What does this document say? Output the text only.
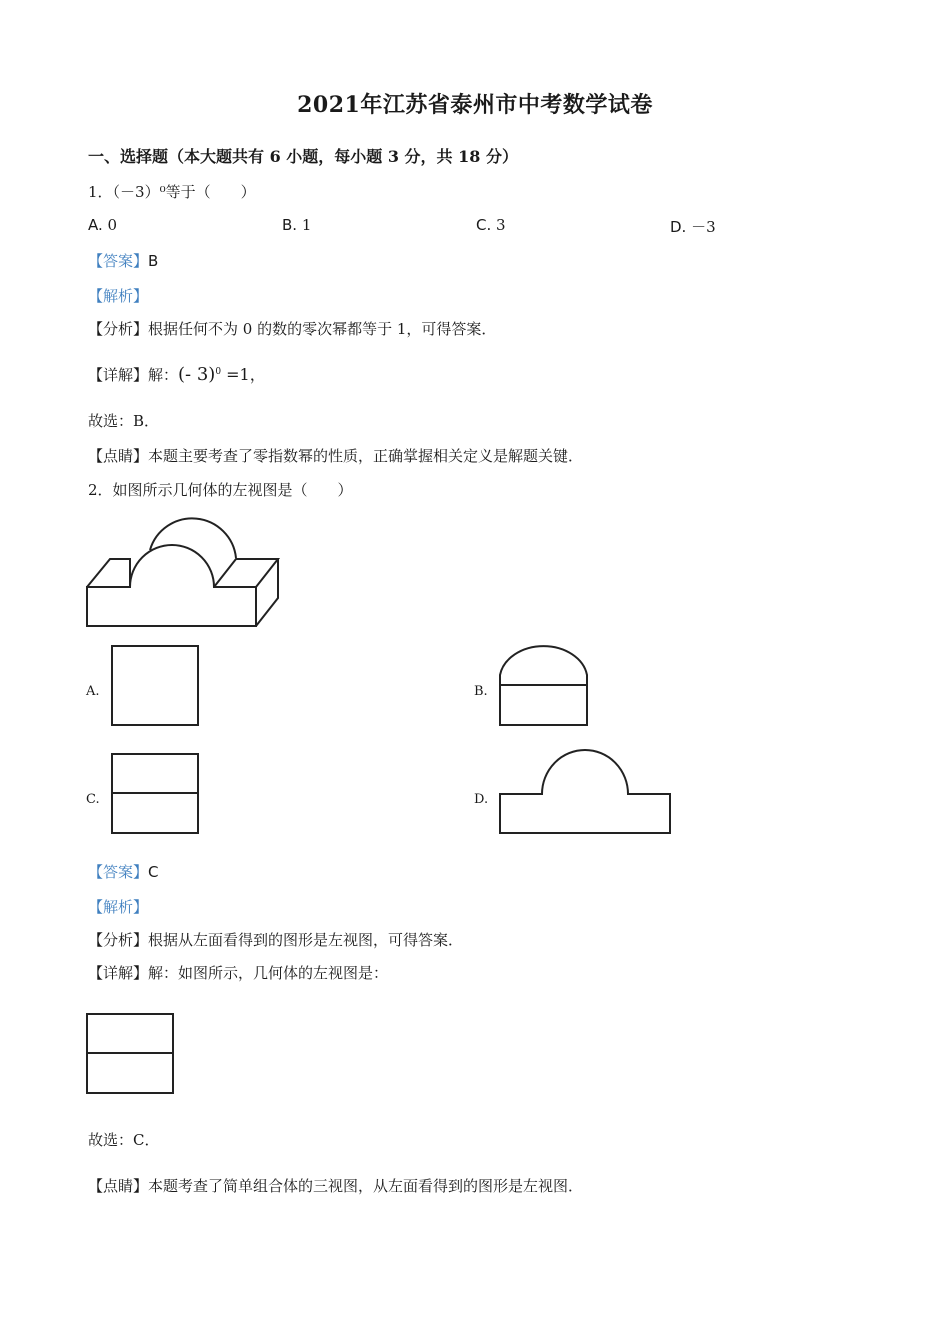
2021年江苏省泰州市中考数学试卷
一、选择题（本大题共有 6 小题，每小题 3 分，共 18 分）
1．（－3）⁰等于（　　）
A. 0	B. 1	C. 3	D. －3
【答案】B
【解析】
【分析】根据任何不为 0 的数的零次幂都等于 1，可得答案．
【详解】解：(- 3)$^0$ =1，
故选：B．
【点睛】本题主要考查了零指数幂的性质，正确掌握相关定义是解题关键．
2．如图所示几何体的左视图是（　　）
A.	B.
C.	D.
【答案】C
【解析】
【分析】根据从左面看得到的图形是左视图，可得答案．
【详解】解：如图所示，几何体的左视图是：
故选：C．
【点睛】本题考查了简单组合体的三视图，从左面看得到的图形是左视图．
